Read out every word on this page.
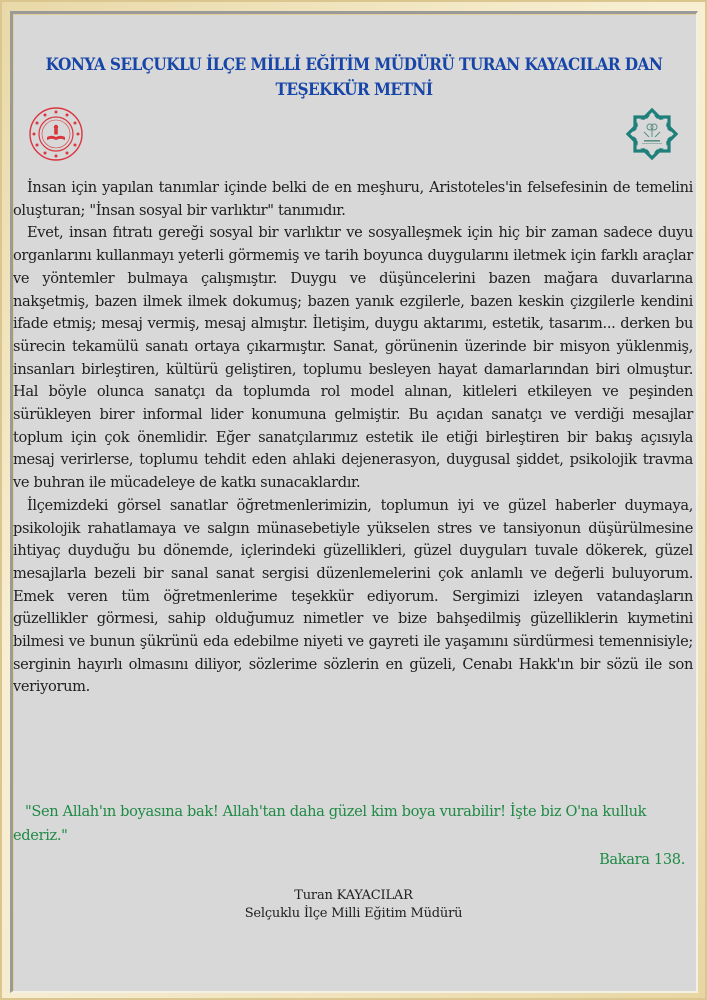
KONYA SELÇUKLU İLÇE MİLLİ EĞİTİM MÜDÜRÜ TURAN KAYACILAR DAN TEŞEKKÜR METNİ

İnsan için yapılan tanımlar içinde belki de en meşhuru, Aristoteles'in felsefesinin de temelini oluşturan; "İnsan sosyal bir varlıktır" tanımıdır.

Evet, insan fıtratı gereği sosyal bir varlıktır ve sosyalleşmek için hiç bir zaman sadece duyu organlarını kullanmayı yeterli görmemiş ve tarih boyunca duygularını iletmek için farklı araçlar ve yöntemler bulmaya çalışmıştır. Duygu ve düşüncelerini bazen mağara duvarlarına nakşetmiş, bazen ilmek ilmek dokumuş; bazen yanık ezgilerle, bazen keskin çizgilerle kendini ifade etmiş; mesaj vermiş, mesaj almıştır. İletişim, duygu aktarımı, estetik, tasarım... derken bu sürecin tekamülü sanatı ortaya çıkarmıştır. Sanat, görünenin üzerinde bir misyon yüklenmiş, insanları birleştiren, kültürü geliştiren, toplumu besleyen hayat damarlarından biri olmuştur. Hal böyle olunca sanatçı da toplumda rol model alınan, kitleleri etkileyen ve peşinden sürükleyen birer informal lider konumuna gelmiştir. Bu açıdan sanatçı ve verdiği mesajlar toplum için çok önemlidir. Eğer sanatçılarımız estetik ile etiği birleştiren bir bakış açısıyla mesaj verirlerse, toplumu tehdit eden ahlaki dejenerasyon, duygusal şiddet, psikolojik travma ve buhran ile mücadeleye de katkı sunacaklardır.

İlçemizdeki görsel sanatlar öğretmenlerimizin, toplumun iyi ve güzel haberler duymaya, psikolojik rahatlamaya ve salgın münasebetiyle yükselen stres ve tansiyonun düşürülmesine ihtiyaç duyduğu bu dönemde, içlerindeki güzellikleri, güzel duyguları tuvale dökerek, güzel mesajlarla bezeli bir sanal sanat sergisi düzenlemelerini çok anlamlı ve değerli buluyorum. Emek veren tüm öğretmenlerime teşekkür ediyorum. Sergimizi izleyen vatandaşların güzellikler görmesi, sahip olduğumuz nimetler ve bize bahşedilmiş güzelliklerin kıymetini bilmesi ve bunun şükrünü eda edebilme niyeti ve gayreti ile yaşamını sürdürmesi temennisiyle; serginin hayırlı olmasını diliyor, sözlerime sözlerin en güzeli, Cenabı Hakk'ın bir sözü ile son veriyorum.

"Sen Allah'ın boyasına bak! Allah'tan daha güzel kim boya vurabilir! İşte biz O'na kulluk ederiz."

Bakara 138.
Turan KAYACILAR
Selçuklu İlçe Milli Eğitim Müdürü
